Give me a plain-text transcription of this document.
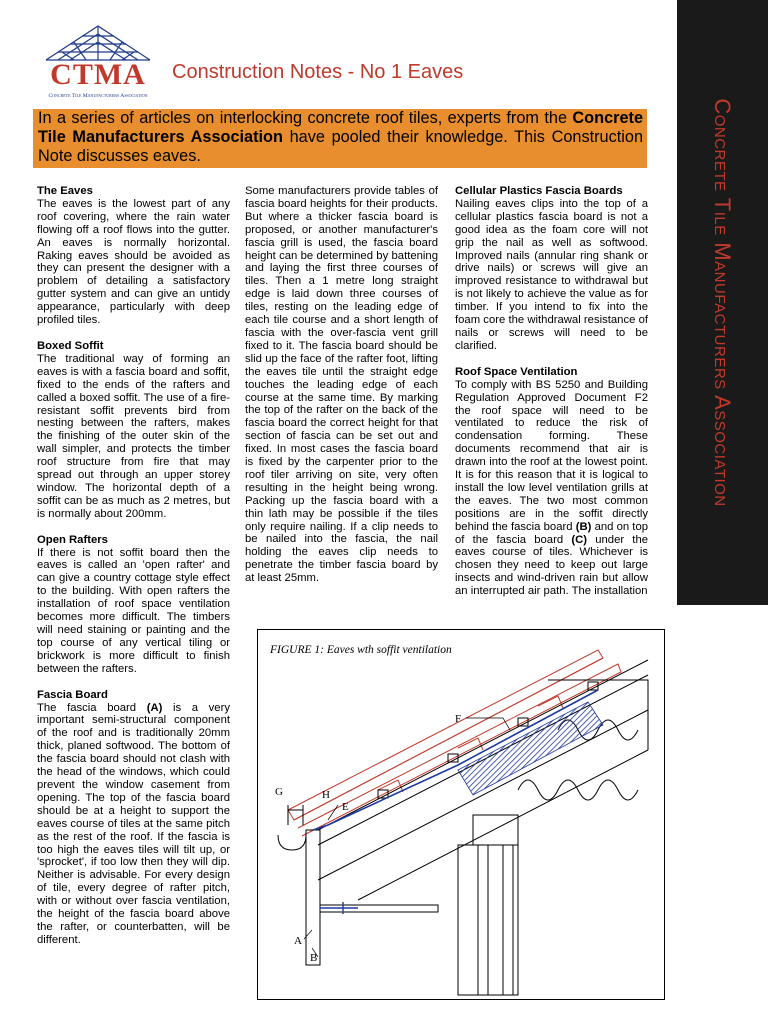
Concrete Tile Manufacturers Association
CTMA
Concrete Tile Manufacturers Association
Construction Notes - No 1 Eaves
In a series of articles on interlocking concrete roof tiles, experts from the Concrete Tile Manufacturers Association have pooled their knowledge. This Construction Note discusses eaves.
The Eaves

The eaves is the lowest part of any roof covering, where the rain water flowing off a roof flows into the gutter. An eaves is normally horizontal. Raking eaves should be avoided as they can present the designer with a problem of detailing a satisfactory gutter system and can give an untidy appearance, particularly with deep profiled tiles.

Boxed Soffit

The traditional way of forming an eaves is with a fascia board and soffit, fixed to the ends of the rafters and called a boxed soffit. The use of a fire-resistant soffit prevents bird from nesting between the rafters, makes the finishing of the outer skin of the wall simpler, and protects the timber roof structure from fire that may spread out through an upper storey window. The horizontal depth of a soffit can be as much as 2 metres, but is normally about 200mm.

Open Rafters

If there is not soffit board then the eaves is called an 'open rafter' and can give a country cottage style effect to the building. With open rafters the installation of roof space ventilation becomes more difficult. The timbers will need staining or painting and the top course of any vertical tiling or brickwork is more difficult to finish between the rafters.

Fascia Board

The fascia board (A) is a very important semi-structural component of the roof and is traditionally 20mm thick, planed softwood. The bottom of the fascia board should not clash with the head of the windows, which could prevent the window casement from opening. The top of the fascia board should be at a height to support the eaves course of tiles at the same pitch as the rest of the roof. If the fascia is too high the eaves tiles will tilt up, or 'sprocket', if too low then they will dip. Neither is advisable. For every design of tile, every degree of rafter pitch, with or without over fascia ventilation, the height of the fascia board above the rafter, or counterbatten, will be different.

Some manufacturers provide tables of fascia board heights for their products. But where a thicker fascia board is proposed, or another manufacturer's fascia grill is used, the fascia board height can be determined by battening and laying the first three courses of tiles. Then a 1 metre long straight edge is laid down three courses of tiles, resting on the leading edge of each tile course and a short length of fascia with the over-fascia vent grill fixed to it. The fascia board should be slid up the face of the rafter foot, lifting the eaves tile until the straight edge touches the leading edge of each course at the same time. By marking the top of the rafter on the back of the fascia board the correct height for that section of fascia can be set out and fixed. In most cases the fascia board is fixed by the carpenter prior to the roof tiler arriving on site, very often resulting in the height being wrong. Packing up the fascia board with a thin lath may be possible if the tiles only require nailing. If a clip needs to be nailed into the fascia, the nail holding the eaves clip needs to penetrate the timber fascia board by at least 25mm.

Cellular Plastics Fascia Boards

Nailing eaves clips into the top of a cellular plastics fascia board is not a good idea as the foam core will not grip the nail as well as softwood. Improved nails (annular ring shank or drive nails) or screws will give an improved resistance to withdrawal but is not likely to achieve the value as for timber. If you intend to fix into the foam core the withdrawal resistance of nails or screws will need to be clarified.

Roof Space Ventilation

To comply with BS 5250 and Building Regulation Approved Document F2 the roof space will need to be ventilated to reduce the risk of condensation forming. These documents recommend that air is drawn into the roof at the lowest point. It is for this reason that it is logical to install the low level ventilation grills at the eaves. The two most common positions are in the soffit directly behind the fascia board (B) and on top of the fascia board (C) under the eaves course of tiles. Whichever is chosen they need to keep out large insects and wind-driven rain but allow an interrupted air path. The installation

F
G	H
E
A
B
FIGURE 1: Eaves wth soffit ventilation
